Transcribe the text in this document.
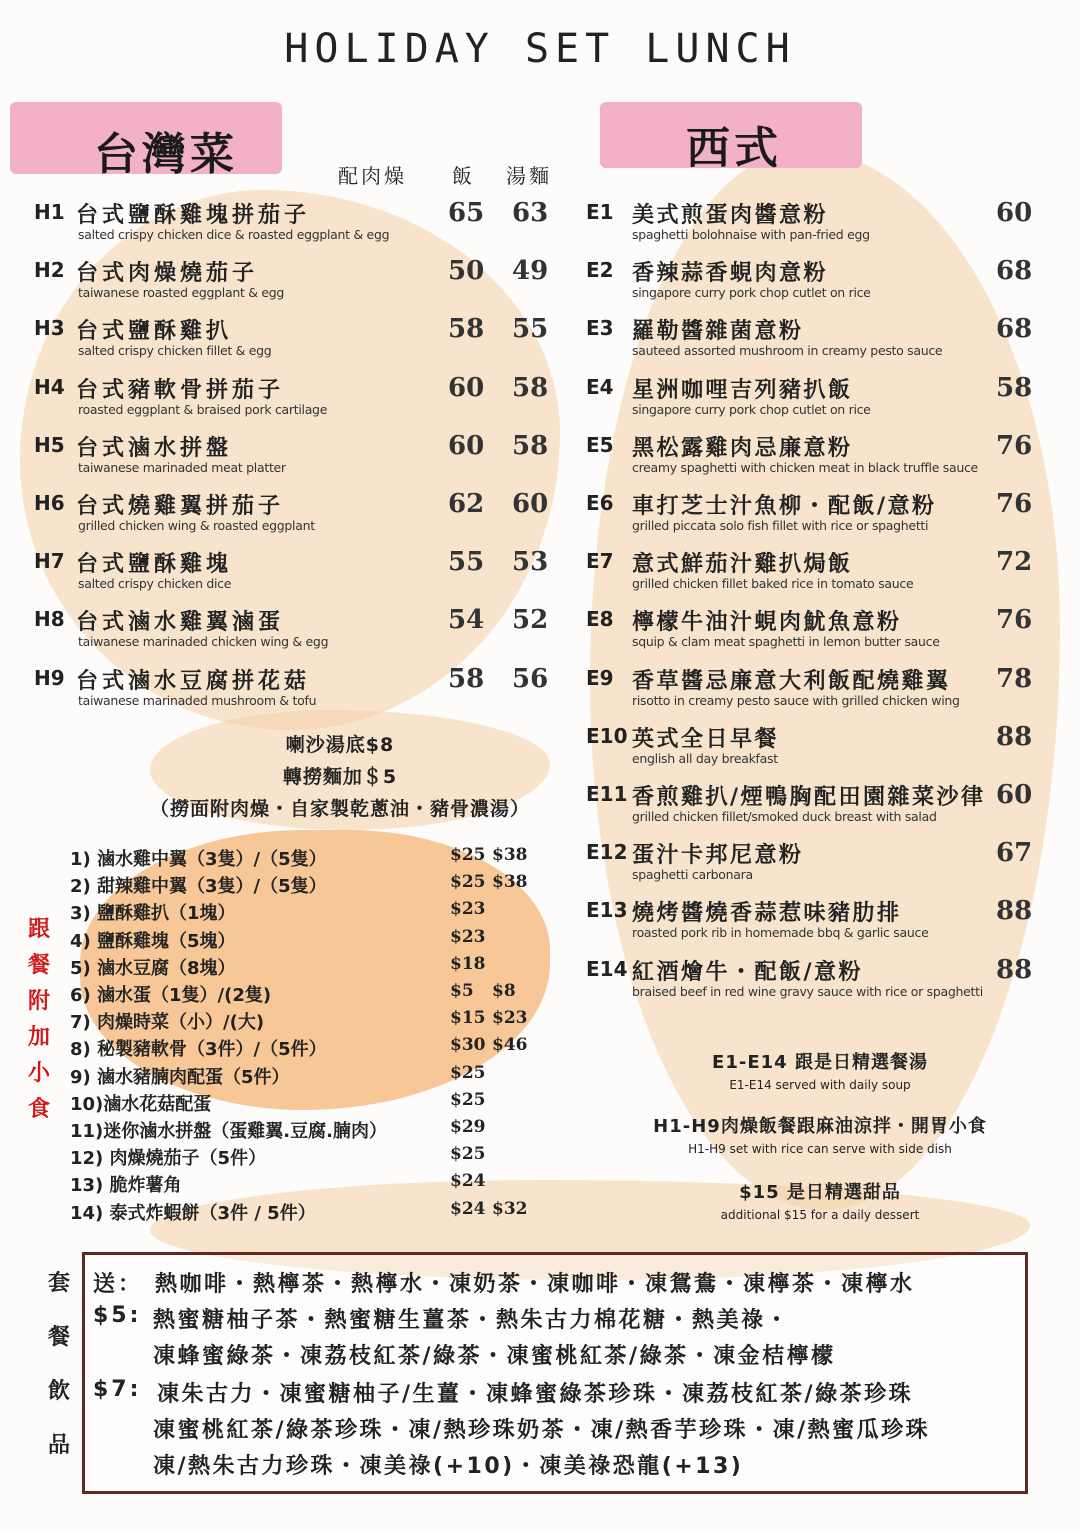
HOLIDAY SET LUNCH
台灣菜	西式
配肉燥 飯 湯麵
H1 台式鹽酥雞塊拼茄子
salted crispy chicken dice & roasted eggplant & egg
65 63
H2 台式肉燥燒茄子
taiwanese roasted eggplant & egg
50 49
H3 台式鹽酥雞扒
salted crispy chicken fillet & egg
58 55
H4 台式豬軟骨拼茄子
roasted eggplant & braised pork cartilage
60 58
H5 台式滷水拼盤
taiwanese marinaded meat platter
60 58
H6 台式燒雞翼拼茄子
grilled chicken wing & roasted eggplant
62 60
H7 台式鹽酥雞塊
salted crispy chicken dice
55 53
H8 台式滷水雞翼滷蛋
taiwanese marinaded chicken wing & egg
54 52
H9 台式滷水豆腐拼花菇
taiwanese marinaded mushroom & tofu
58 56
E1 美式煎蛋肉醬意粉
spaghetti bolohnaise with pan-fried egg
60
E2 香辣蒜香蜆肉意粉
singapore curry pork chop cutlet on rice
68
E3 羅勒醬雜菌意粉
sauteed assorted mushroom in creamy pesto sauce
68
E4 星洲咖哩吉列豬扒飯
singapore curry pork chop cutlet on rice
58
E5 黑松露雞肉忌廉意粉
creamy spaghetti with chicken meat in black truffle sauce
76
E6 車打芝士汁魚柳・配飯/意粉
grilled piccata solo fish fillet with rice or spaghetti
76
E7 意式鮮茄汁雞扒焗飯
grilled chicken fillet baked rice in tomato sauce
72
E8 檸檬牛油汁蜆肉魷魚意粉
squip & clam meat spaghetti in lemon butter sauce
76
E9 香草醬忌廉意大利飯配燒雞翼
risotto in creamy pesto sauce with grilled chicken wing
78
E10 英式全日早餐
english all day breakfast
88
E11 香煎雞扒/煙鴨胸配田園雜菜沙律
grilled chicken fillet/smoked duck breast with salad
60
E12 蛋汁卡邦尼意粉
spaghetti carbonara
67
E13 燒烤醬燒香蒜惹味豬肋排
roasted pork rib in homemade bbq & garlic sauce
88
E14 紅酒燴牛・配飯/意粉
braised beef in red wine gravy sauce with rice or spaghetti
88
喇沙湯底$8
轉撈麵加＄5
（撈面附肉燥・自家製乾蔥油・豬骨濃湯）
跟
餐
附
加
小
食
1) 滷水雞中翼（3隻）/（5隻）	$25 $38
2) 甜辣雞中翼（3隻）/（5隻）	$25 $38
3) 鹽酥雞扒（1塊）	$23
4) 鹽酥雞塊（5塊）	$23
5) 滷水豆腐（8塊）	$18
6) 滷水蛋（1隻）/(2隻)	$5 $8
7) 肉燥時菜（小）/(大)	$15 $23
8) 秘製豬軟骨（3件）/（5件）	$30 $46
9) 滷水豬腩肉配蛋（5件）	$25
10)滷水花菇配蛋	$25
11)迷你滷水拼盤（蛋雞翼.豆腐.腩肉）	$29
12) 肉燥燒茄子（5件）	$25
13) 脆炸薯角	$24
14) 泰式炸蝦餅（3件 / 5件）	$24 $32
E1-E14 跟是日精選餐湯
E1-E14 served with daily soup
H1-H9肉燥飯餐跟麻油涼拌・開胃小食
H1-H9 set with rice can serve with side dish
$15 是日精選甜品
additional $15 for a daily dessert
套
餐
飲
品
送： 熱咖啡・熱檸茶・熱檸水・凍奶茶・凍咖啡・凍鴛鴦・凍檸茶・凍檸水
$5: 熱蜜糖柚子茶・熱蜜糖生薑茶・熱朱古力棉花糖・熱美祿・
凍蜂蜜綠茶・凍荔枝紅茶/綠茶・凍蜜桃紅茶/綠茶・凍金桔檸檬
$7: 凍朱古力・凍蜜糖柚子/生薑・凍蜂蜜綠茶珍珠・凍荔枝紅茶/綠茶珍珠
凍蜜桃紅茶/綠茶珍珠・凍/熱珍珠奶茶・凍/熱香芋珍珠・凍/熱蜜瓜珍珠
凍/熱朱古力珍珠・凍美祿(+10)・凍美祿恐龍(+13)
